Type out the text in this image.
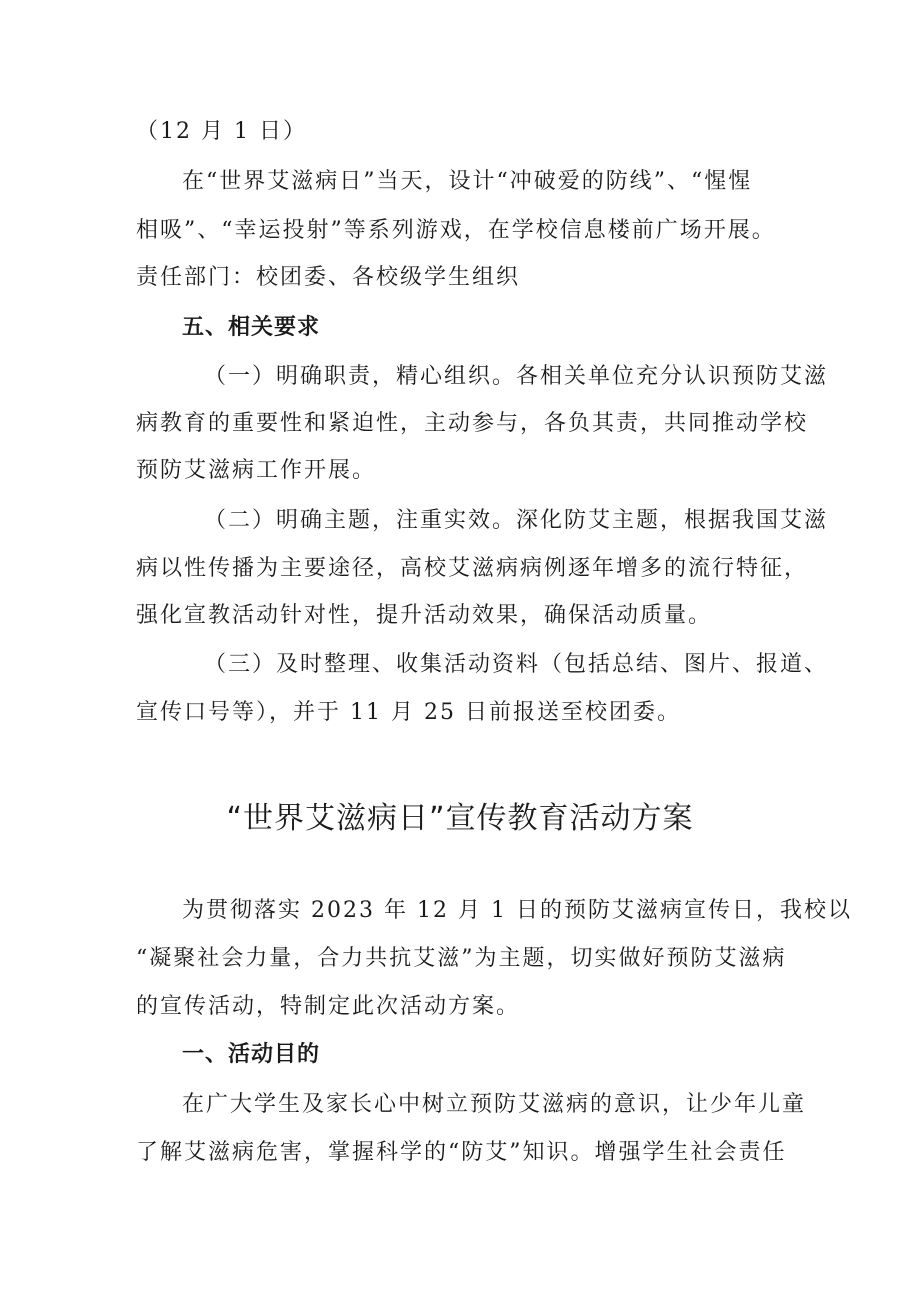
（12 月 1 日）
在“世界艾滋病日”当天，设计“冲破爱的防线”、“惺惺
相吸”、“幸运投射”等系列游戏，在学校信息楼前广场开展。
责任部门：校团委、各校级学生组织
五、相关要求
（一）明确职责，精心组织。各相关单位充分认识预防艾滋
病教育的重要性和紧迫性，主动参与，各负其责，共同推动学校
预防艾滋病工作开展。
（二）明确主题，注重实效。深化防艾主题，根据我国艾滋
病以性传播为主要途径，高校艾滋病病例逐年增多的流行特征，
强化宣教活动针对性，提升活动效果，确保活动质量。
（三）及时整理、收集活动资料（包括总结、图片、报道、
宣传口号等），并于 11 月 25 日前报送至校团委。
“世界艾滋病日”宣传教育活动方案
为贯彻落实 2023 年 12 月 1 日的预防艾滋病宣传日，我校以
“凝聚社会力量，合力共抗艾滋”为主题，切实做好预防艾滋病
的宣传活动，特制定此次活动方案。
一、活动目的
在广大学生及家长心中树立预防艾滋病的意识，让少年儿童
了解艾滋病危害，掌握科学的“防艾”知识。增强学生社会责任
